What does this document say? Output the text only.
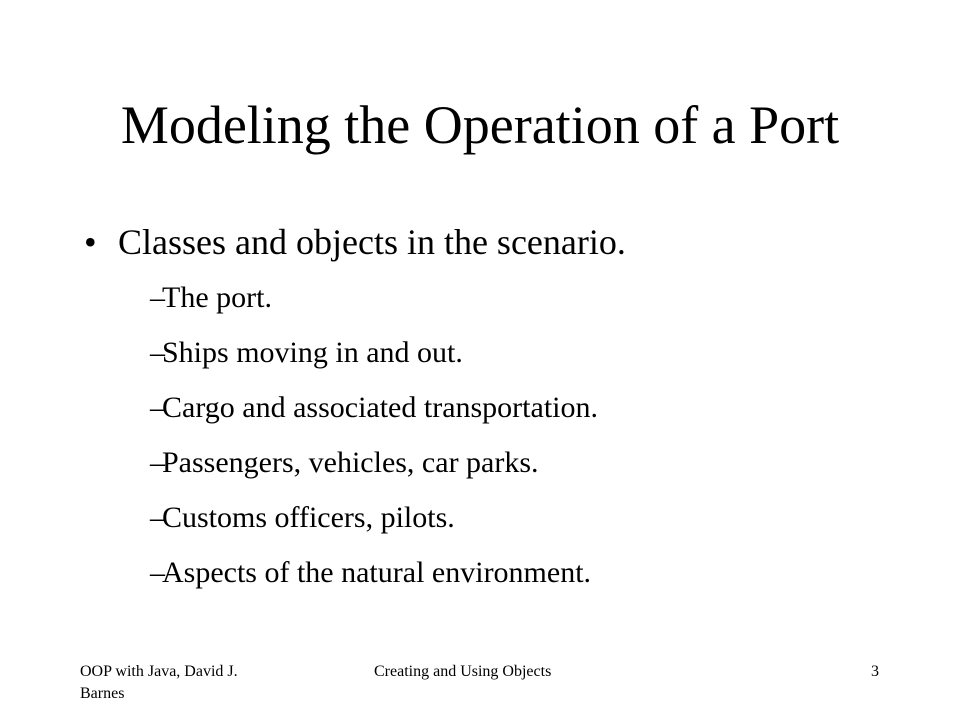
Modeling the Operation of a Port
• Classes and objects in the scenario.
–The port.
–Ships moving in and out.
–Cargo and associated transportation.
–Passengers, vehicles, car parks.
–Customs officers, pilots.
–Aspects of the natural environment.
OOP with Java, David J. Barnes
Creating and Using Objects	3
